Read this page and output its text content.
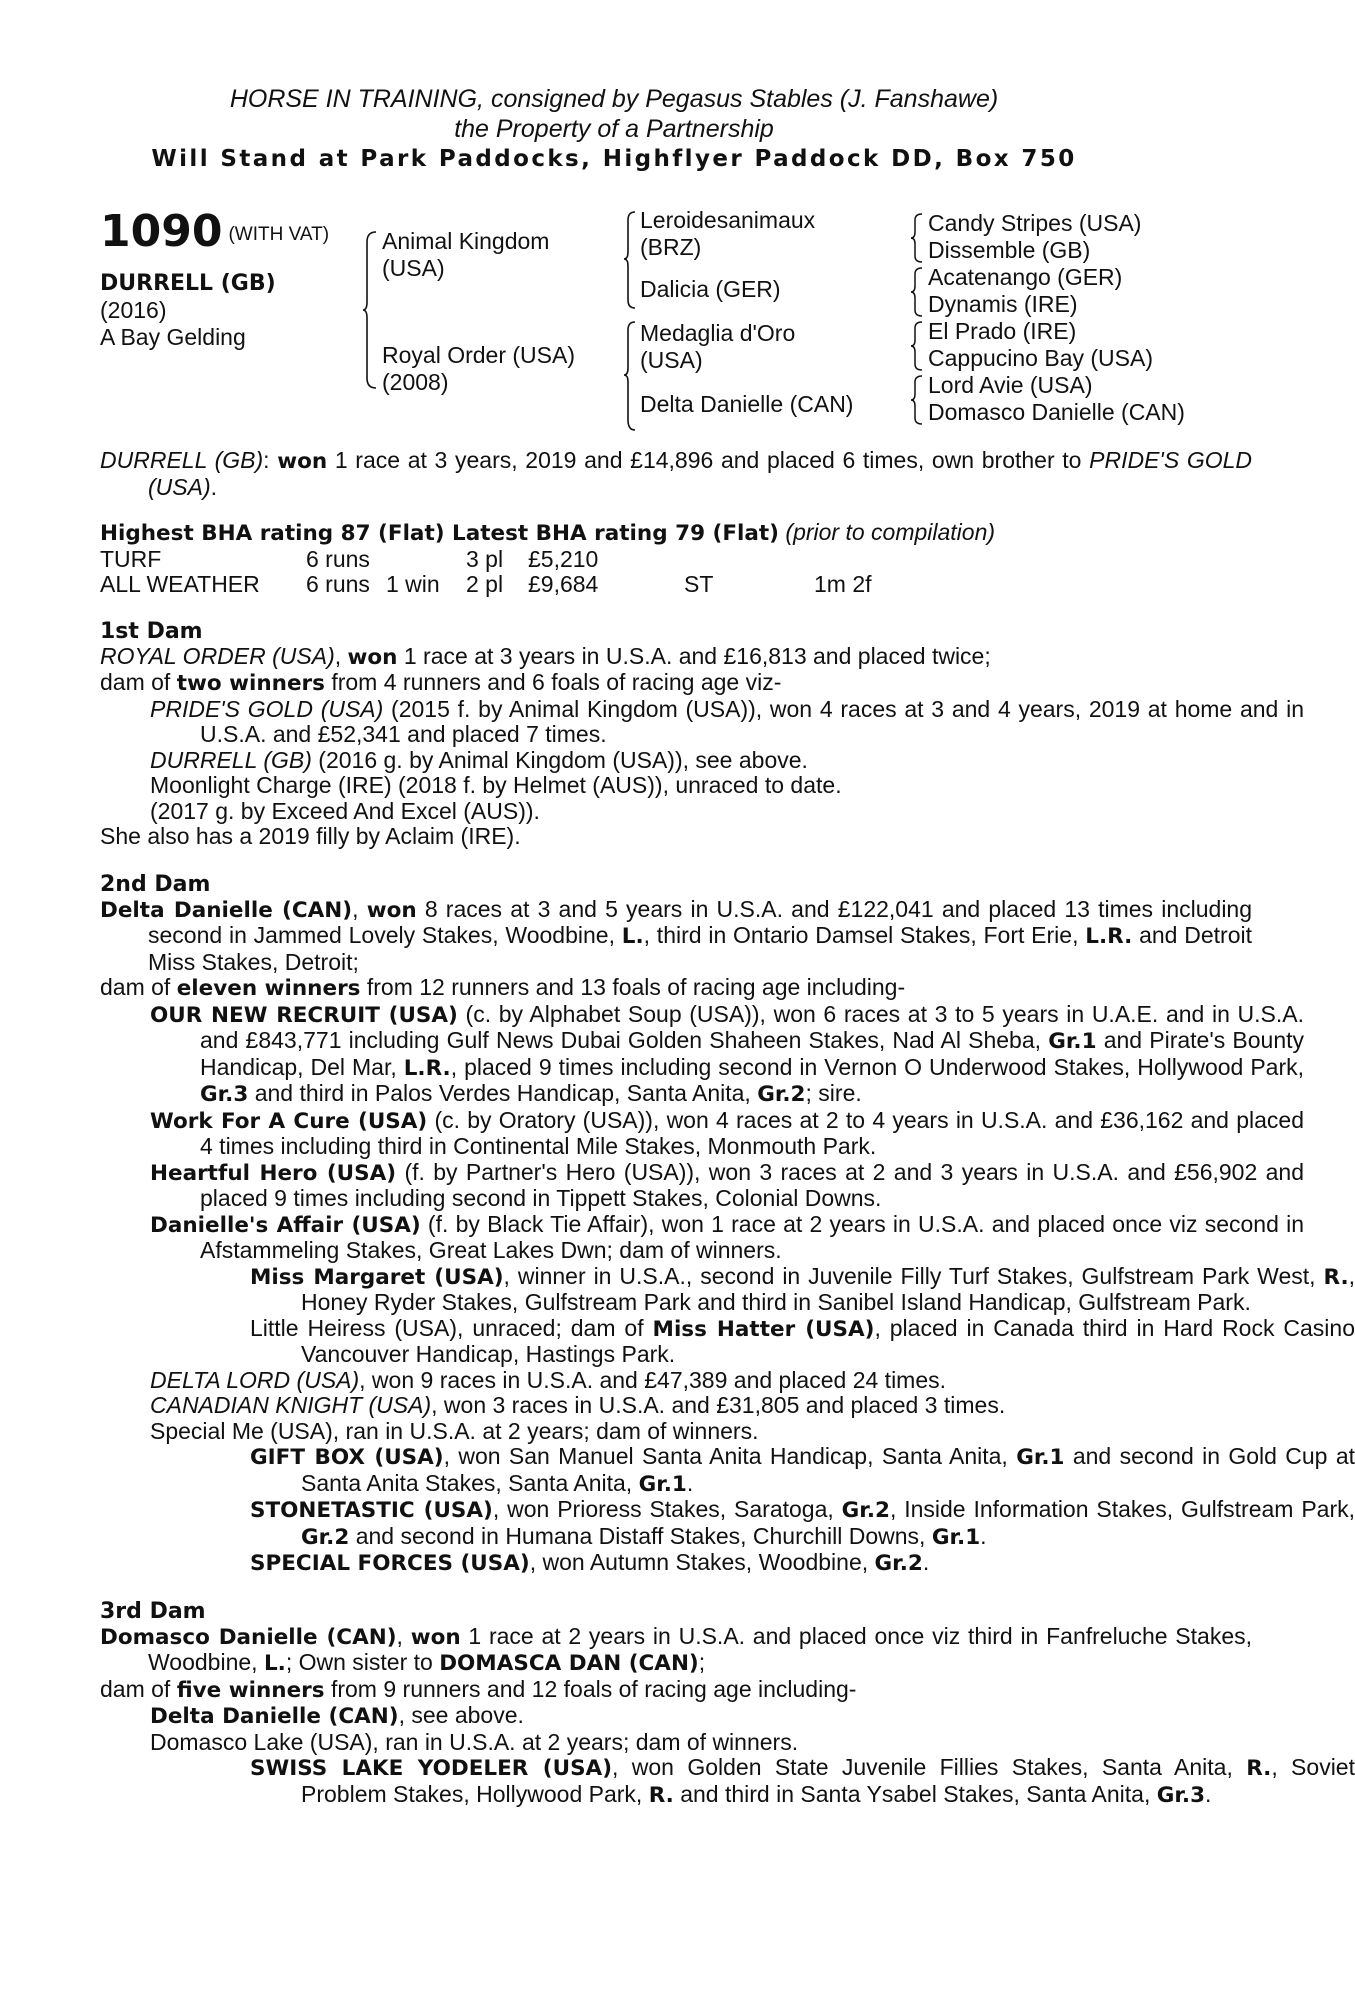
HORSE IN TRAINING, consigned by Pegasus Stables (J. Fanshawe)
the Property of a Partnership
Will Stand at Park Paddocks, Highflyer Paddock DD, Box 750
1090 $^{(WITH VAT)}$
DURRELL (GB)
(2016)
A Bay Gelding
Animal Kingdom
(USA)
Royal Order (USA)
(2008)
Leroidesanimaux
(BRZ)
Dalicia (GER)
Medaglia d'Oro
(USA)
Delta Danielle (CAN)
Candy Stripes (USA)
Dissemble (GB)
Acatenango (GER)
Dynamis (IRE)
El Prado (IRE)
Cappucino Bay (USA)
Lord Avie (USA)
Domasco Danielle (CAN)
DURRELL (GB): won 1 race at 3 years, 2019 and £14,896 and placed 6 times, own brother to PRIDE'S GOLD (USA).
Highest BHA rating 87 (Flat) Latest BHA rating 79 (Flat) (prior to compilation)
TURF	6 runs		3 pl	£5,210		
ALL WEATHER	6 runs	1 win	2 pl	£9,684	ST	1m 2f
1st Dam
ROYAL ORDER (USA), won 1 race at 3 years in U.S.A. and £16,813 and placed twice;
dam of two winners from 4 runners and 6 foals of racing age viz-
PRIDE'S GOLD (USA) (2015 f. by Animal Kingdom (USA)), won 4 races at 3 and 4 years, 2019 at home and in U.S.A. and £52,341 and placed 7 times.
DURRELL (GB) (2016 g. by Animal Kingdom (USA)), see above.
Moonlight Charge (IRE) (2018 f. by Helmet (AUS)), unraced to date.
(2017 g. by Exceed And Excel (AUS)).
She also has a 2019 filly by Aclaim (IRE).
2nd Dam
Delta Danielle (CAN), won 8 races at 3 and 5 years in U.S.A. and £122,041 and placed 13 times including second in Jammed Lovely Stakes, Woodbine, L., third in Ontario Damsel Stakes, Fort Erie, L.R. and Detroit Miss Stakes, Detroit;
dam of eleven winners from 12 runners and 13 foals of racing age including-
OUR NEW RECRUIT (USA) (c. by Alphabet Soup (USA)), won 6 races at 3 to 5 years in U.A.E. and in U.S.A. and £843,771 including Gulf News Dubai Golden Shaheen Stakes, Nad Al Sheba, Gr.1 and Pirate's Bounty Handicap, Del Mar, L.R., placed 9 times including second in Vernon O Underwood Stakes, Hollywood Park, Gr.3 and third in Palos Verdes Handicap, Santa Anita, Gr.2; sire.
Work For A Cure (USA) (c. by Oratory (USA)), won 4 races at 2 to 4 years in U.S.A. and £36,162 and placed 4 times including third in Continental Mile Stakes, Monmouth Park.
Heartful Hero (USA) (f. by Partner's Hero (USA)), won 3 races at 2 and 3 years in U.S.A. and £56,902 and placed 9 times including second in Tippett Stakes, Colonial Downs.
Danielle's Affair (USA) (f. by Black Tie Affair), won 1 race at 2 years in U.S.A. and placed once viz second in Afstammeling Stakes, Great Lakes Dwn; dam of winners.
Miss Margaret (USA), winner in U.S.A., second in Juvenile Filly Turf Stakes, Gulfstream Park West, R., Honey Ryder Stakes, Gulfstream Park and third in Sanibel Island Handicap, Gulfstream Park.
Little Heiress (USA), unraced; dam of Miss Hatter (USA), placed in Canada third in Hard Rock Casino Vancouver Handicap, Hastings Park.
DELTA LORD (USA), won 9 races in U.S.A. and £47,389 and placed 24 times.
CANADIAN KNIGHT (USA), won 3 races in U.S.A. and £31,805 and placed 3 times.
Special Me (USA), ran in U.S.A. at 2 years; dam of winners.
GIFT BOX (USA), won San Manuel Santa Anita Handicap, Santa Anita, Gr.1 and second in Gold Cup at Santa Anita Stakes, Santa Anita, Gr.1.
STONETASTIC (USA), won Prioress Stakes, Saratoga, Gr.2, Inside Information Stakes, Gulfstream Park, Gr.2 and second in Humana Distaff Stakes, Churchill Downs, Gr.1.
SPECIAL FORCES (USA), won Autumn Stakes, Woodbine, Gr.2.
3rd Dam
Domasco Danielle (CAN), won 1 race at 2 years in U.S.A. and placed once viz third in Fanfreluche Stakes, Woodbine, L.; Own sister to DOMASCA DAN (CAN);
dam of five winners from 9 runners and 12 foals of racing age including-
Delta Danielle (CAN), see above.
Domasco Lake (USA), ran in U.S.A. at 2 years; dam of winners.
SWISS LAKE YODELER (USA), won Golden State Juvenile Fillies Stakes, Santa Anita, R., Soviet Problem Stakes, Hollywood Park, R. and third in Santa Ysabel Stakes, Santa Anita, Gr.3.
